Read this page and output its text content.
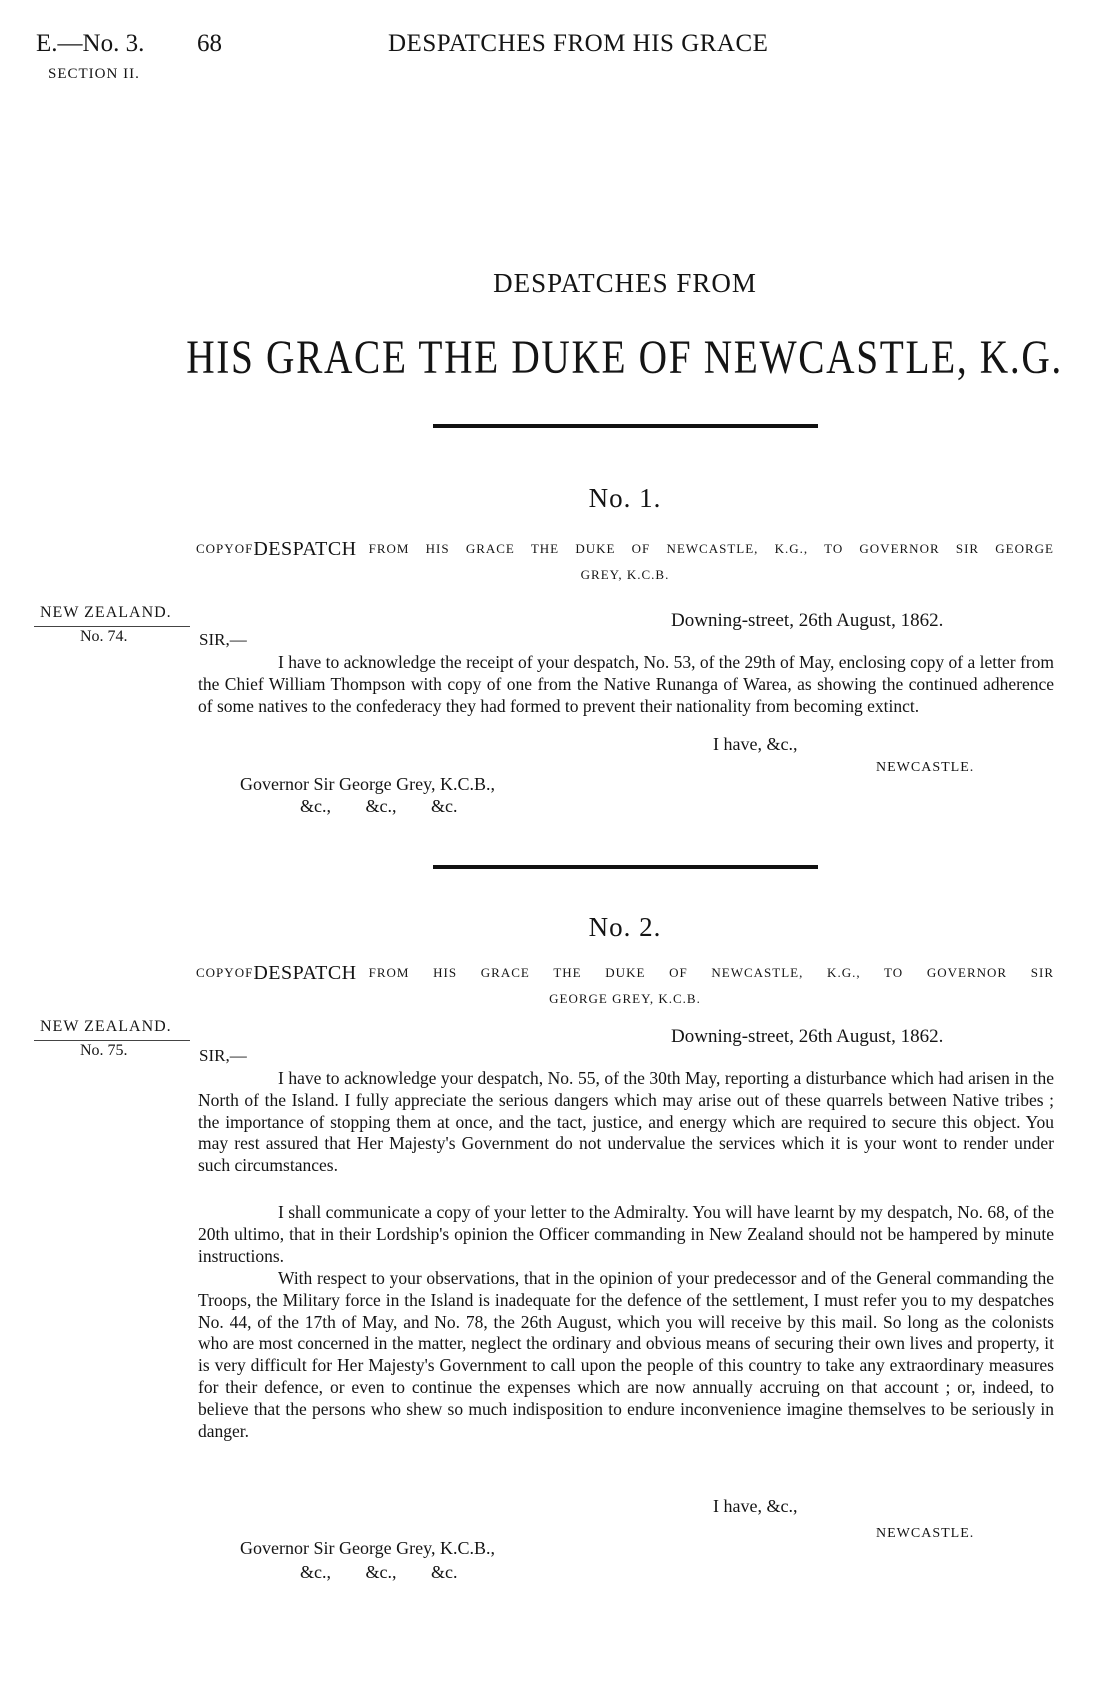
E.—No. 3. 68	DESPATCHES FROM HIS GRACE
SECTION II.
DESPATCHES FROM
HIS GRACE THE DUKE OF NEWCASTLE, K.G.
No. 1.
COPY OF DESPATCH FROM HIS GRACE THE DUKE OF NEWCASTLE, K.G., TO GOVERNOR SIR GEORGE
GREY, K.C.B.
NEW ZEALAND.
No. 74.
Downing-street, 26th August, 1862.
SIR,—

I have to acknowledge the receipt of your despatch, No. 53, of the 29th of May, enclosing copy of a letter from the Chief William Thompson with copy of one from the Native Runanga of Warea, as showing the continued adherence of some natives to the confederacy they had formed to prevent their nationality from becoming extinct.

I have, &c.,
NEWCASTLE.
Governor Sir George Grey, K.C.B.,
&c., &c., &c.
No. 2.
COPY OF DESPATCH FROM HIS GRACE THE DUKE OF NEWCASTLE, K.G., TO GOVERNOR SIR
GEORGE GREY, K.C.B.
NEW ZEALAND.
No. 75.
Downing-street, 26th August, 1862.
SIR,—

I have to acknowledge your despatch, No. 55, of the 30th May, reporting a disturbance which had arisen in the North of the Island. I fully appreciate the serious dangers which may arise out of these quarrels between Native tribes ; the importance of stopping them at once, and the tact, justice, and energy which are required to secure this object. You may rest assured that Her Majesty's Government do not undervalue the services which it is your wont to render under such circumstances.

I shall communicate a copy of your letter to the Admiralty. You will have learnt by my despatch, No. 68, of the 20th ultimo, that in their Lordship's opinion the Officer commanding in New Zealand should not be hampered by minute instructions.

With respect to your observations, that in the opinion of your predecessor and of the General commanding the Troops, the Military force in the Island is inadequate for the defence of the settlement, I must refer you to my despatches No. 44, of the 17th of May, and No. 78, the 26th August, which you will receive by this mail. So long as the colonists who are most concerned in the matter, neglect the ordinary and obvious means of securing their own lives and property, it is very difficult for Her Majesty's Government to call upon the people of this country to take any extraordinary measures for their defence, or even to continue the expenses which are now annually accruing on that account ; or, indeed, to believe that the persons who shew so much indisposition to endure inconvenience imagine themselves to be seriously in danger.

I have, &c.,
NEWCASTLE.
Governor Sir George Grey, K.C.B.,
&c., &c., &c.
